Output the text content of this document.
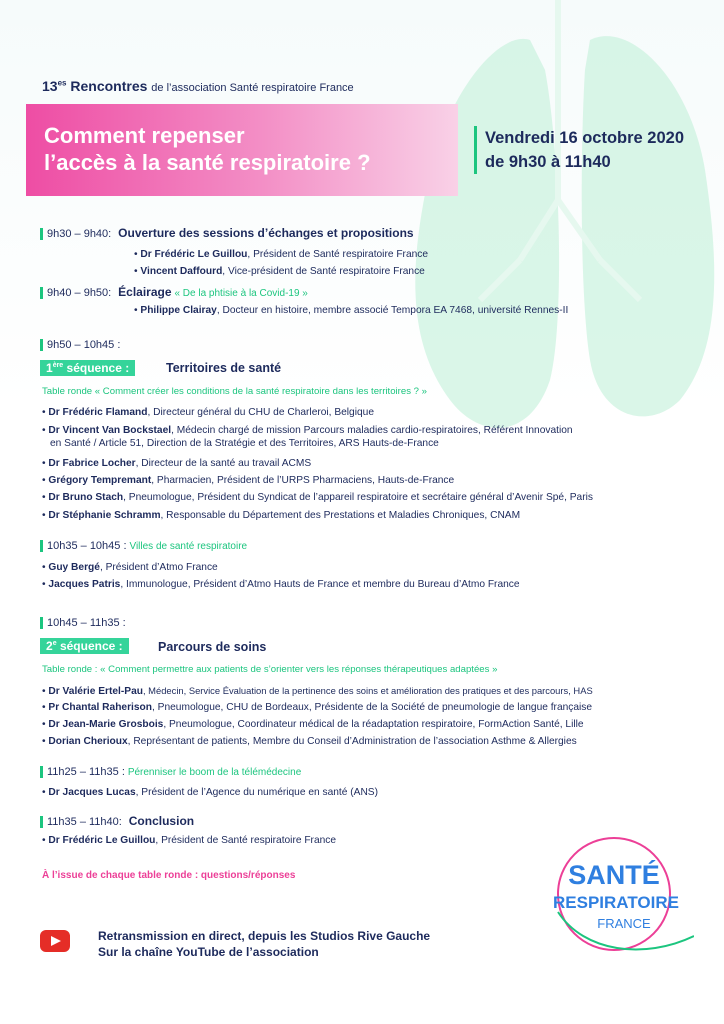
$13^{es}$ Rencontres de l’association Santé respiratoire France
Comment repenser
l’accès à la santé respiratoire ?
Vendredi 16 octobre 2020
de 9h30 à 11h40
9h30 – 9h40: Ouverture des sessions d’échanges et propositions
• Dr Frédéric Le Guillou, Président de Santé respiratoire France
• Vincent Daffourd, Vice-président de Santé respiratoire France
9h40 – 9h50: Éclairage « De la phtisie à la Covid-19 »
• Philippe Clairay, Docteur en histoire, membre associé Tempora EA 7468, université Rennes-II
9h50 – 10h45 :
1ère séquence :	Territoires de santé
Table ronde « Comment créer les conditions de la santé respiratoire dans les territoires ? »
• Dr Frédéric Flamand, Directeur général du CHU de Charleroi, Belgique
• Dr Vincent Van Bockstael, Médecin chargé de mission Parcours maladies cardio-respiratoires, Référent Innovation
en Santé / Article 51, Direction de la Stratégie et des Territoires, ARS Hauts-de-France
• Dr Fabrice Locher, Directeur de la santé au travail ACMS
• Grégory Tempremant, Pharmacien, Président de l’URPS Pharmaciens, Hauts-de-France
• Dr Bruno Stach, Pneumologue, Président du Syndicat de l’appareil respiratoire et secrétaire général d’Avenir Spé, Paris
• Dr Stéphanie Schramm, Responsable du Département des Prestations et Maladies Chroniques, CNAM
10h35 – 10h45 : Villes de santé respiratoire
• Guy Bergé, Président d’Atmo France
• Jacques Patris, Immunologue, Président d’Atmo Hauts de France et membre du Bureau d’Atmo France
10h45 – 11h35 :
2e séquence :	Parcours de soins
Table ronde : « Comment permettre aux patients de s’orienter vers les réponses thérapeutiques adaptées »
• Dr Valérie Ertel-Pau, Médecin, Service Évaluation de la pertinence des soins et amélioration des pratiques et des parcours, HAS
• Pr Chantal Raherison, Pneumologue, CHU de Bordeaux, Présidente de la Société de pneumologie de langue française
• Dr Jean-Marie Grosbois, Pneumologue, Coordinateur médical de la réadaptation respiratoire, FormAction Santé, Lille
• Dorian Cherioux, Représentant de patients, Membre du Conseil d’Administration de l’association Asthme & Allergies
11h25 – 11h35 : Pérenniser le boom de la télémédecine
• Dr Jacques Lucas, Président de l’Agence du numérique en santé (ANS)
11h35 – 11h40: Conclusion
• Dr Frédéric Le Guillou, Président de Santé respiratoire France
À l’issue de chaque table ronde : questions/réponses
Retransmission en direct, depuis les Studios Rive Gauche
Sur la chaîne YouTube de l’association
SANTÉ
RESPIRATOIRE
FRANCE
